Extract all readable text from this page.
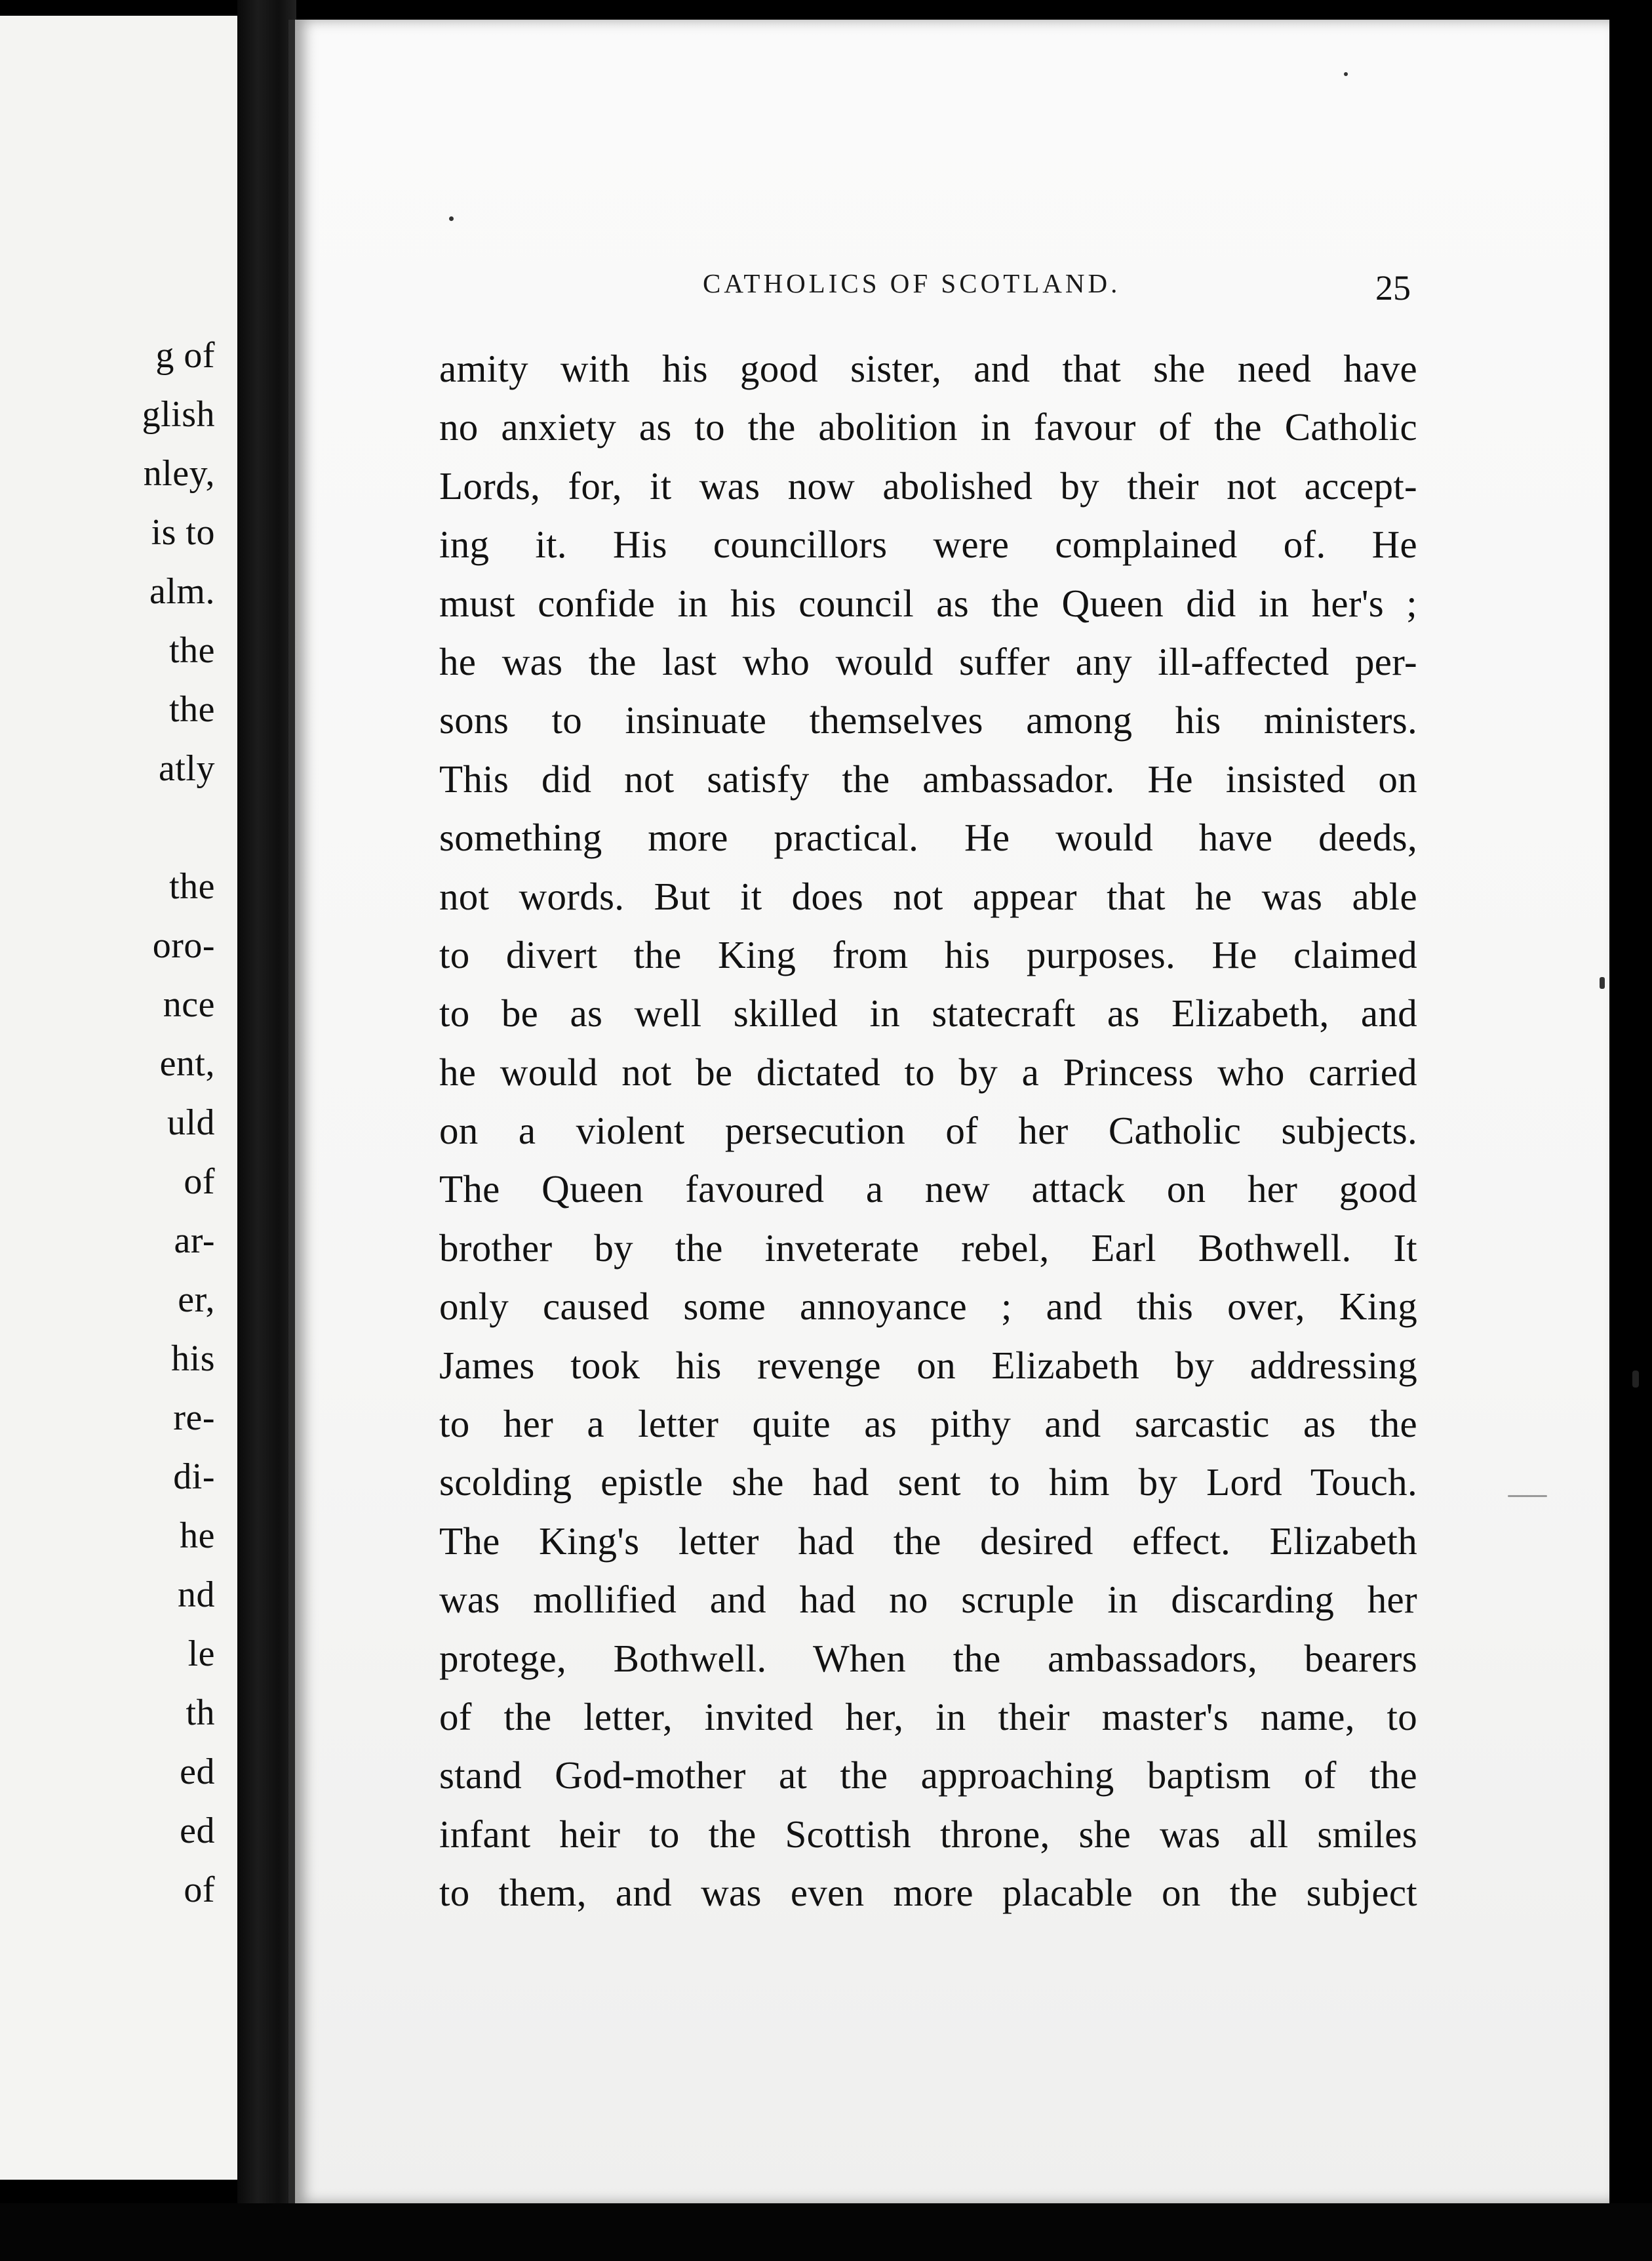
g of
glish
nley,
is to
alm.
the
the
atly
the
oro-
nce
ent,
uld
of
ar-
er,
his
re-
di-
he
nd
le
th
ed
ed
of
CATHOLICS OF SCOTLAND.	25
amity with his good sister, and that she need have
no anxiety as to the abolition in favour of the Catholic
Lords, for, it was now abolished by their not accept-
ing it. His councillors were complained of. He
must confide in his council as the Queen did in her's ;
he was the last who would suffer any ill-affected per-
sons to insinuate themselves among his ministers.
This did not satisfy the ambassador. He insisted on
something more practical. He would have deeds,
not words. But it does not appear that he was able
to divert the King from his purposes. He claimed
to be as well skilled in statecraft as Elizabeth, and
he would not be dictated to by a Princess who carried
on a violent persecution of her Catholic subjects.
The Queen favoured a new attack on her good
brother by the inveterate rebel, Earl Bothwell. It
only caused some annoyance ; and this over, King
James took his revenge on Elizabeth by addressing
to her a letter quite as pithy and sarcastic as the
scolding epistle she had sent to him by Lord Touch.
The King's letter had the desired effect. Elizabeth
was mollified and had no scruple in discarding her
protege, Bothwell. When the ambassadors, bearers
of the letter, invited her, in their master's name, to
stand God-mother at the approaching baptism of the
infant heir to the Scottish throne, she was all smiles
to them, and was even more placable on the subject
